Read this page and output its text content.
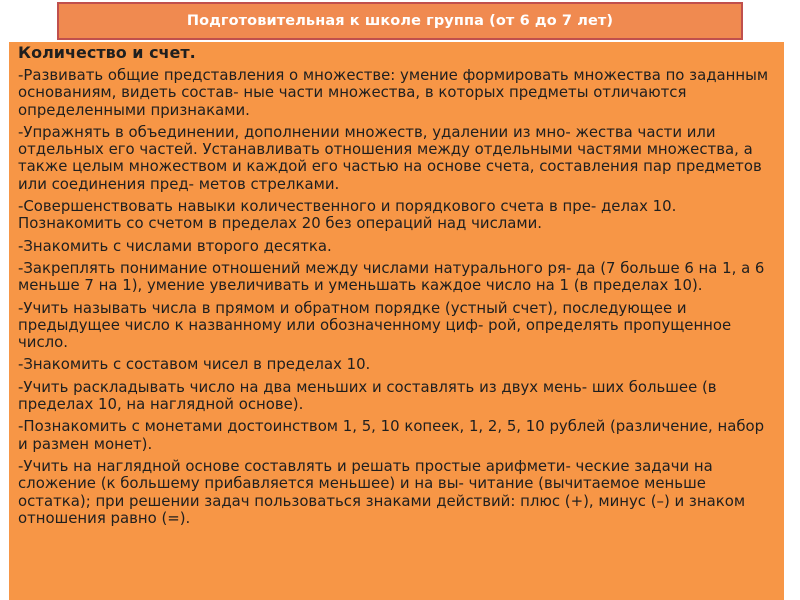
Подготовительная к школе группа (от 6 до 7 лет)
Количество и счет.
-Развивать общие представления о множестве: умение формировать множества по заданным основаниям, видеть состав- ные части множества, в которых предметы отличаются определенными признаками.
-Упражнять в объединении, дополнении множеств, удалении из мно- жества части или отдельных его частей. Устанавливать отношения между отдельными частями множества, а также целым множеством и каждой его частью на основе счета, составления пар предметов или соединения пред- метов стрелками.
-Совершенствовать навыки количественного и порядкового счета в пре- делах 10. Познакомить со счетом в пределах 20 без операций над числами.
-Знакомить с числами второго десятка.
-Закреплять понимание отношений между числами натурального ря- да (7 больше 6 на 1, а 6 меньше 7 на 1), умение увеличивать и уменьшать каждое число на 1 (в пределах 10).
-Учить называть числа в прямом и обратном порядке (устный счет), последующее и предыдущее число к названному или обозначенному циф- рой, определять пропущенное число.
-Знакомить с составом чисел в пределах 10.
-Учить раскладывать число на два меньших и составлять из двух мень- ших большее (в пределах 10, на наглядной основе).
-Познакомить с монетами достоинством 1, 5, 10 копеек, 1, 2, 5, 10 рублей (различение, набор и размен монет).
-Учить на наглядной основе составлять и решать простые арифмети- ческие задачи на сложение (к большему прибавляется меньшее) и на вы- читание (вычитаемое меньше остатка); при решении задач пользоваться знаками действий: плюс (+), минус (–) и знаком отношения равно (=).
